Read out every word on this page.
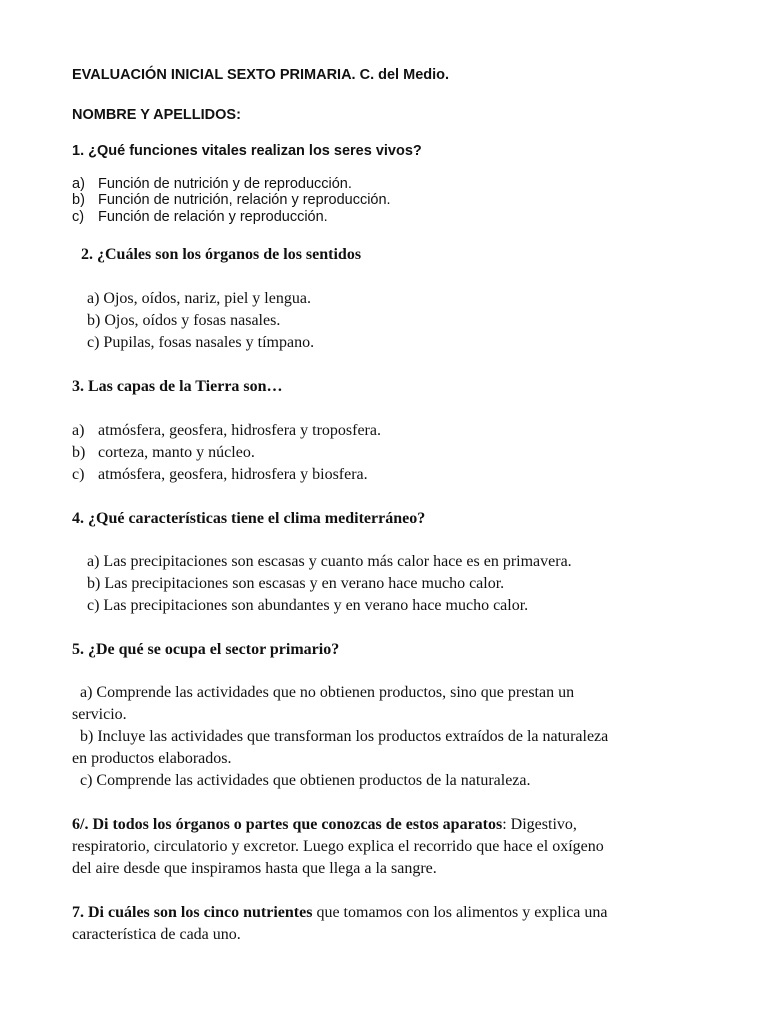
EVALUACIÓN INICIAL SEXTO PRIMARIA. C. del Medio.
NOMBRE Y APELLIDOS:
1. ¿Qué funciones vitales realizan los seres vivos?
a) Función de nutrición y de reproducción.
b) Función de nutrición, relación y reproducción.
c) Función de relación y reproducción.
2. ¿Cuáles son los órganos de los sentidos
a) Ojos, oídos, nariz, piel y lengua.
b) Ojos, oídos y fosas nasales.
c) Pupilas, fosas nasales y tímpano.
3. Las capas de la Tierra son…
a) atmósfera, geosfera, hidrosfera y troposfera.
b) corteza, manto y núcleo.
c) atmósfera, geosfera, hidrosfera y biosfera.
4. ¿Qué características tiene el clima mediterráneo?
a) Las precipitaciones son escasas y cuanto más calor hace es en primavera.
b) Las precipitaciones son escasas y en verano hace mucho calor.
c) Las precipitaciones son abundantes y en verano hace mucho calor.
5. ¿De qué se ocupa el sector primario?
a) Comprende las actividades que no obtienen productos, sino que prestan un
servicio.
b) Incluye las actividades que transforman los productos extraídos de la naturaleza
en productos elaborados.
c) Comprende las actividades que obtienen productos de la naturaleza.
6/. Di todos los órganos o partes que conozcas de estos aparatos: Digestivo,
respiratorio, circulatorio y excretor. Luego explica el recorrido que hace el oxígeno
del aire desde que inspiramos hasta que llega a la sangre.
7. Di cuáles son los cinco nutrientes que tomamos con los alimentos y explica una
característica de cada uno.
